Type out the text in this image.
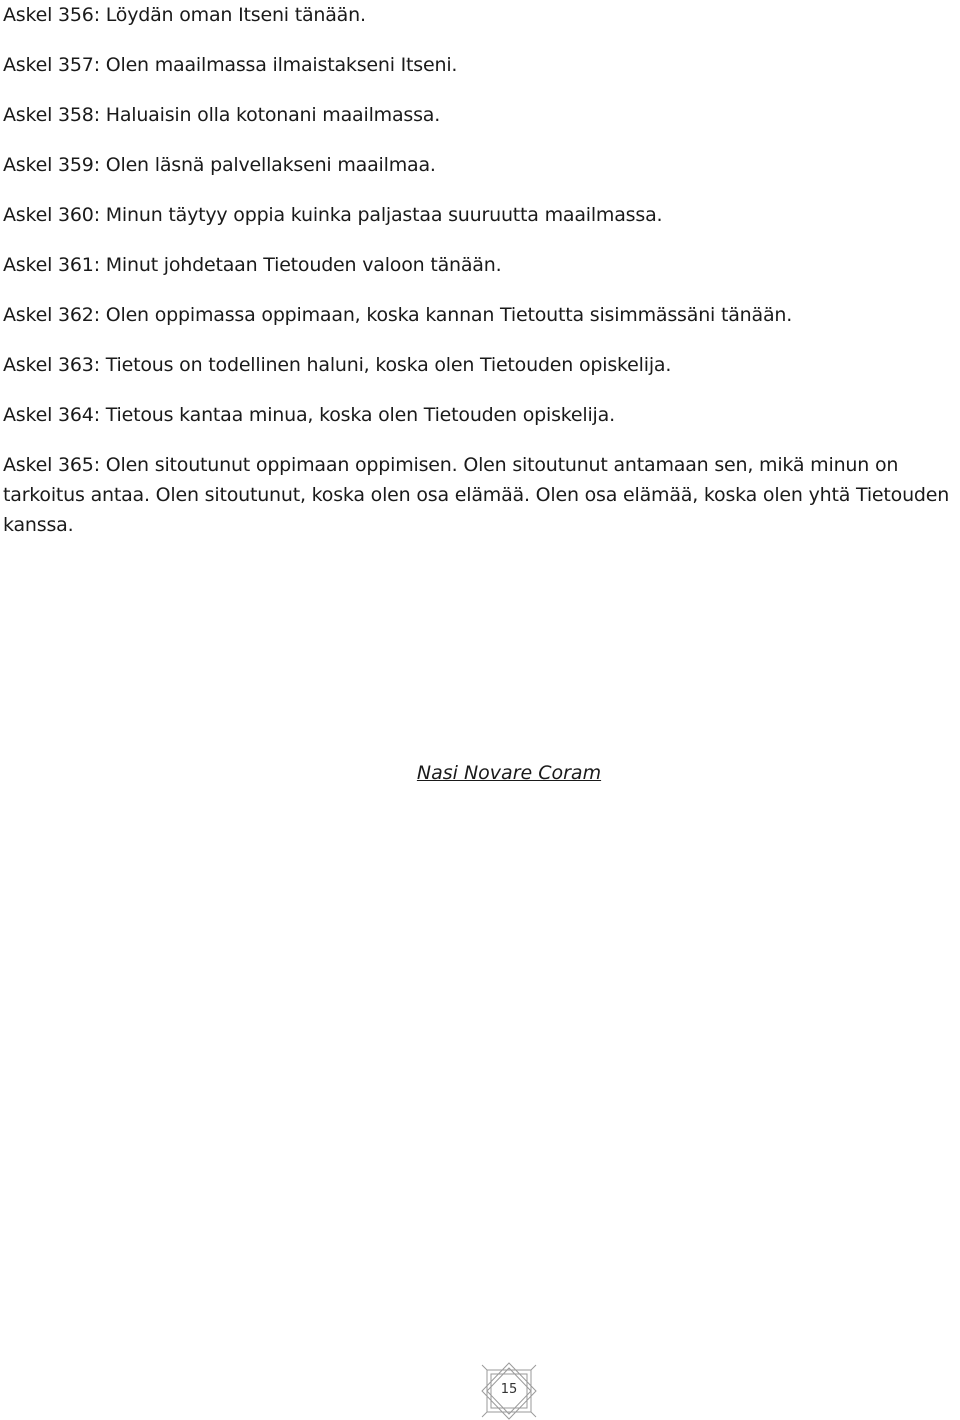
Askel 356: Löydän oman Itseni tänään.

Askel 357: Olen maailmassa ilmaistakseni Itseni.

Askel 358: Haluaisin olla kotonani maailmassa.

Askel 359: Olen läsnä palvellakseni maailmaa.

Askel 360: Minun täytyy oppia kuinka paljastaa suuruutta maailmassa.

Askel 361: Minut johdetaan Tietouden valoon tänään.

Askel 362: Olen oppimassa oppimaan, koska kannan Tietoutta sisimmässäni tänään.

Askel 363: Tietous on todellinen haluni, koska olen Tietouden opiskelija.

Askel 364: Tietous kantaa minua, koska olen Tietouden opiskelija.

Askel 365: Olen sitoutunut oppimaan oppimisen. Olen sitoutunut antamaan sen, mikä minun on tarkoitus antaa. Olen sitoutunut, koska olen osa elämää. Olen osa elämää, koska olen yhtä Tietouden kanssa.

Nasi Novare Coram
15
